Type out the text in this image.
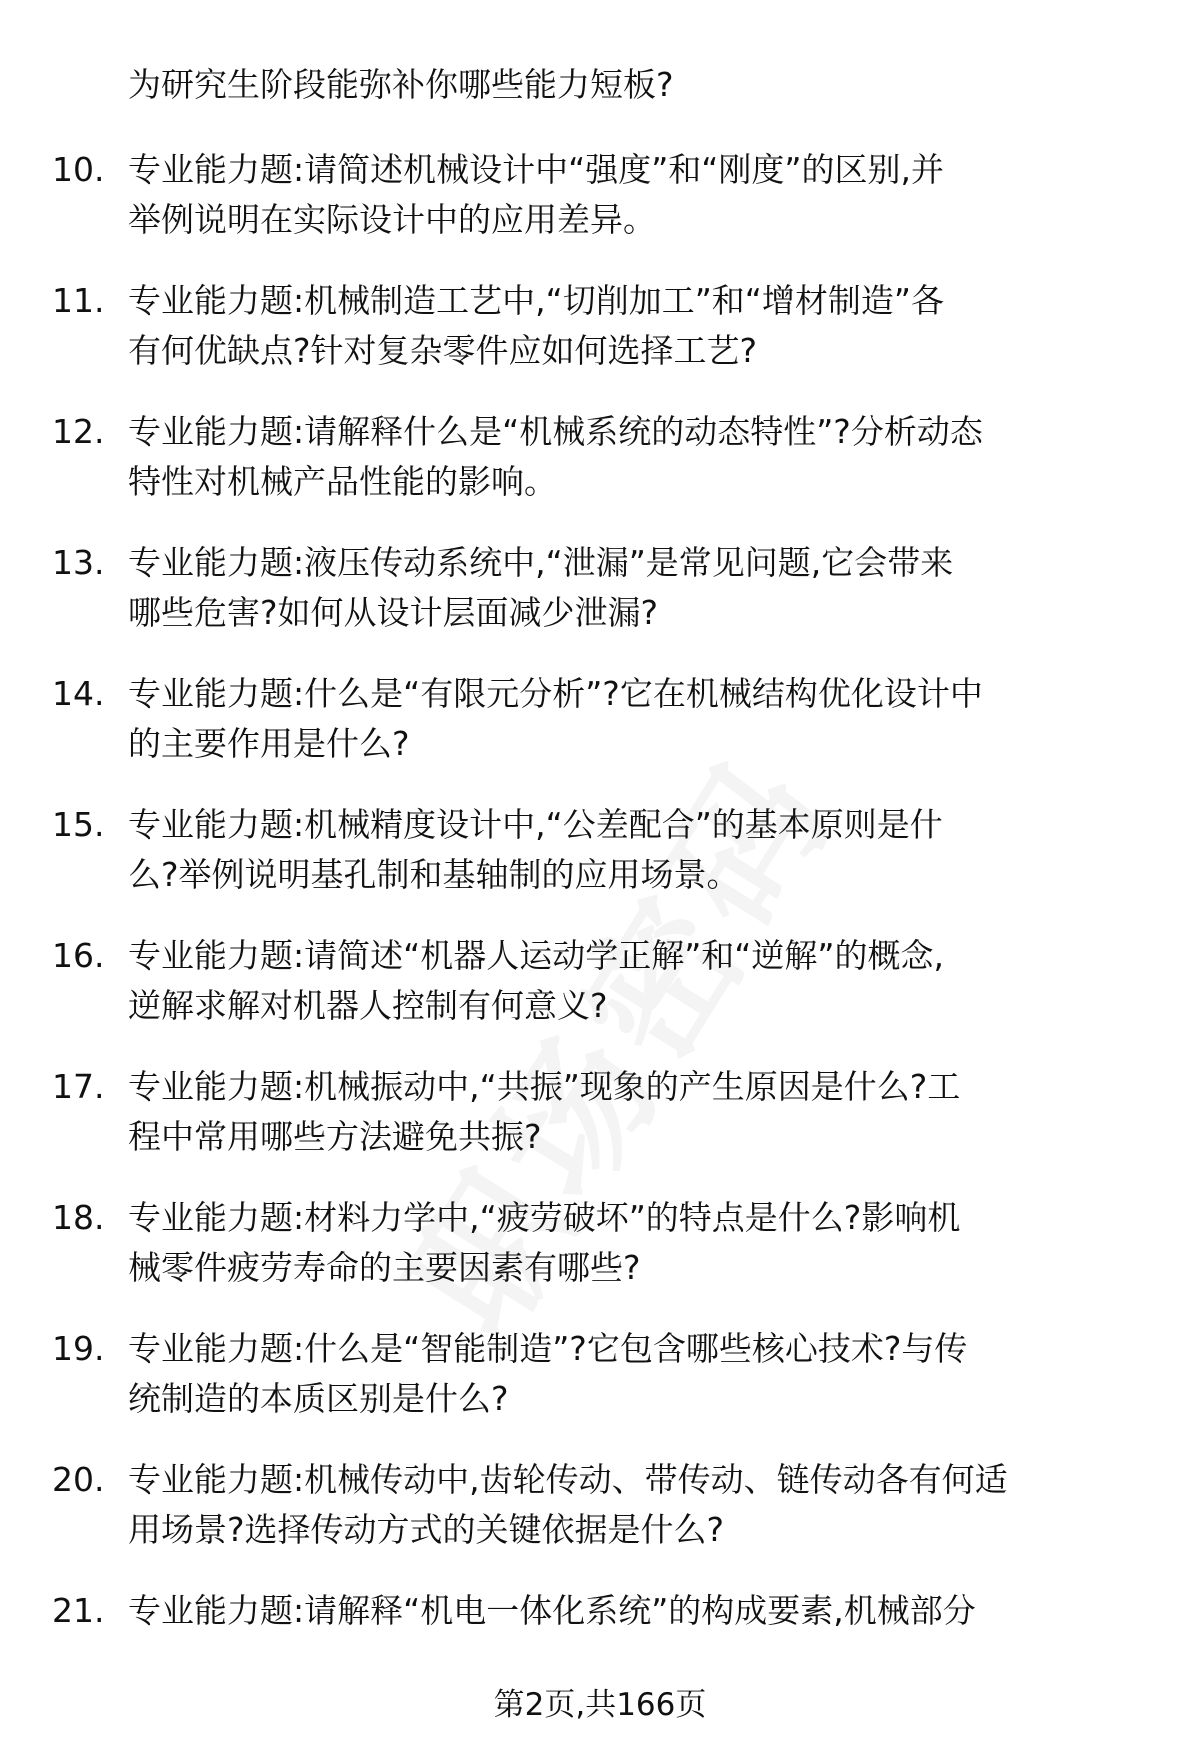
为研究生阶段能弥补你哪些能力短板?
10. 专业能力题:请简述机械设计中“强度”和“刚度”的区别,并
举例说明在实际设计中的应用差异。
11. 专业能力题:机械制造工艺中,“切削加工”和“增材制造”各
有何优缺点?针对复杂零件应如何选择工艺?
12. 专业能力题:请解释什么是“机械系统的动态特性”?分析动态
特性对机械产品性能的影响。
13. 专业能力题:液压传动系统中,“泄漏”是常见问题,它会带来
哪些危害?如何从设计层面减少泄漏?
14. 专业能力题:什么是“有限元分析”?它在机械结构优化设计中
的主要作用是什么?
15. 专业能力题:机械精度设计中,“公差配合”的基本原则是什
么?举例说明基孔制和基轴制的应用场景。
16. 专业能力题:请简述“机器人运动学正解”和“逆解”的概念,
逆解求解对机器人控制有何意义?
17. 专业能力题:机械振动中,“共振”现象的产生原因是什么?工
程中常用哪些方法避免共振?
18. 专业能力题:材料力学中,“疲劳破坏”的特点是什么?影响机
械零件疲劳寿命的主要因素有哪些?
19. 专业能力题:什么是“智能制造”?它包含哪些核心技术?与传
统制造的本质区别是什么?
20. 专业能力题:机械传动中,齿轮传动、带传动、链传动各有何适
用场景?选择传动方式的关键依据是什么?
21. 专业能力题:请解释“机电一体化系统”的构成要素,机械部分
第2页,共166页
